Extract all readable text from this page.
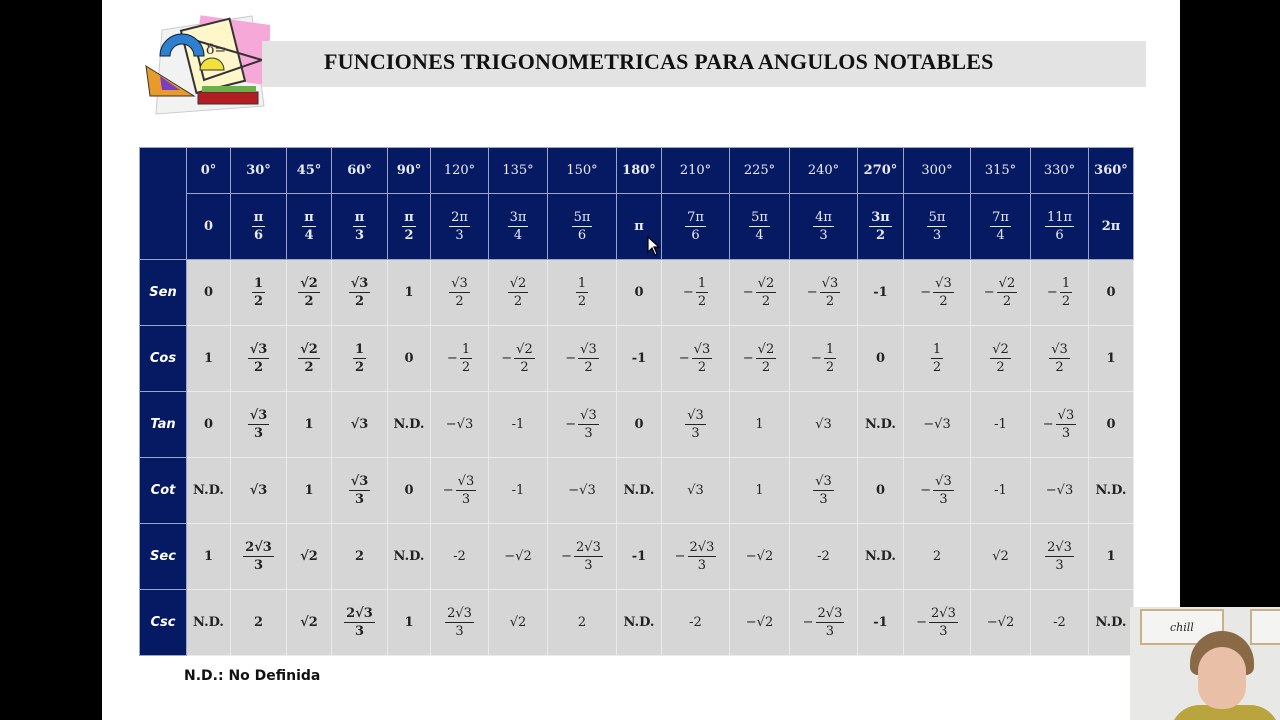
δ=	FUNCIONES TRIGONOMETRICAS PARA ANGULOS NOTABLES
	0°	30°	45°	60°	90°	120°	135°	150°	180°	210°	225°	240°	270°	300°	315°	330°	360°
	0	$\frac{\pi}{6}$	$\frac{\pi}{4}$	$\frac{\pi}{3}$	$\frac{\pi}{2}$	$\frac{2\pi}{3}$	$\frac{3\pi}{4}$	$\frac{5\pi}{6}$	π	$\frac{7\pi}{6}$	$\frac{5\pi}{4}$	$\frac{4\pi}{3}$	$\frac{3\pi}{2}$	$\frac{5\pi}{3}$	$\frac{7\pi}{4}$	$\frac{11\pi}{6}$	2π
Sen	0	$\frac{1}{2}$	$\frac{√2}{2}$	$\frac{√3}{2}$	1	$\frac{√3}{2}$	$\frac{√2}{2}$	$\frac{1}{2}$	0	− $\frac{1}{2}$	− $\frac{√2}{2}$	− $\frac{√3}{2}$	-1	− $\frac{√3}{2}$	− $\frac{√2}{2}$	− $\frac{1}{2}$	0
Cos	1	$\frac{√3}{2}$	$\frac{√2}{2}$	$\frac{1}{2}$	0	− $\frac{1}{2}$	− $\frac{√2}{2}$	− $\frac{√3}{2}$	-1	− $\frac{√3}{2}$	− $\frac{√2}{2}$	− $\frac{1}{2}$	0	$\frac{1}{2}$	$\frac{√2}{2}$	$\frac{√3}{2}$	1
Tan	0	$\frac{√3}{3}$	1	√3	N.D.	−√3	-1	− $\frac{√3}{3}$	0	$\frac{√3}{3}$	1	√3	N.D.	−√3	-1	− $\frac{√3}{3}$	0
Cot	N.D.	√3	1	$\frac{√3}{3}$	0	− $\frac{√3}{3}$	-1	−√3	N.D.	√3	1	$\frac{√3}{3}$	0	− $\frac{√3}{3}$	-1	−√3	N.D.
Sec	1	$\frac{2√3}{3}$	√2	2	N.D.	-2	−√2	− $\frac{2√3}{3}$	-1	− $\frac{2√3}{3}$	−√2	-2	N.D.	2	√2	$\frac{2√3}{3}$	1
Csc	N.D.	2	√2	$\frac{2√3}{3}$	1	$\frac{2√3}{3}$	√2	2	N.D.	-2	−√2	− $\frac{2√3}{3}$	-1	− $\frac{2√3}{3}$	−√2	-2	N.D.
N.D.: No Definida
chill
